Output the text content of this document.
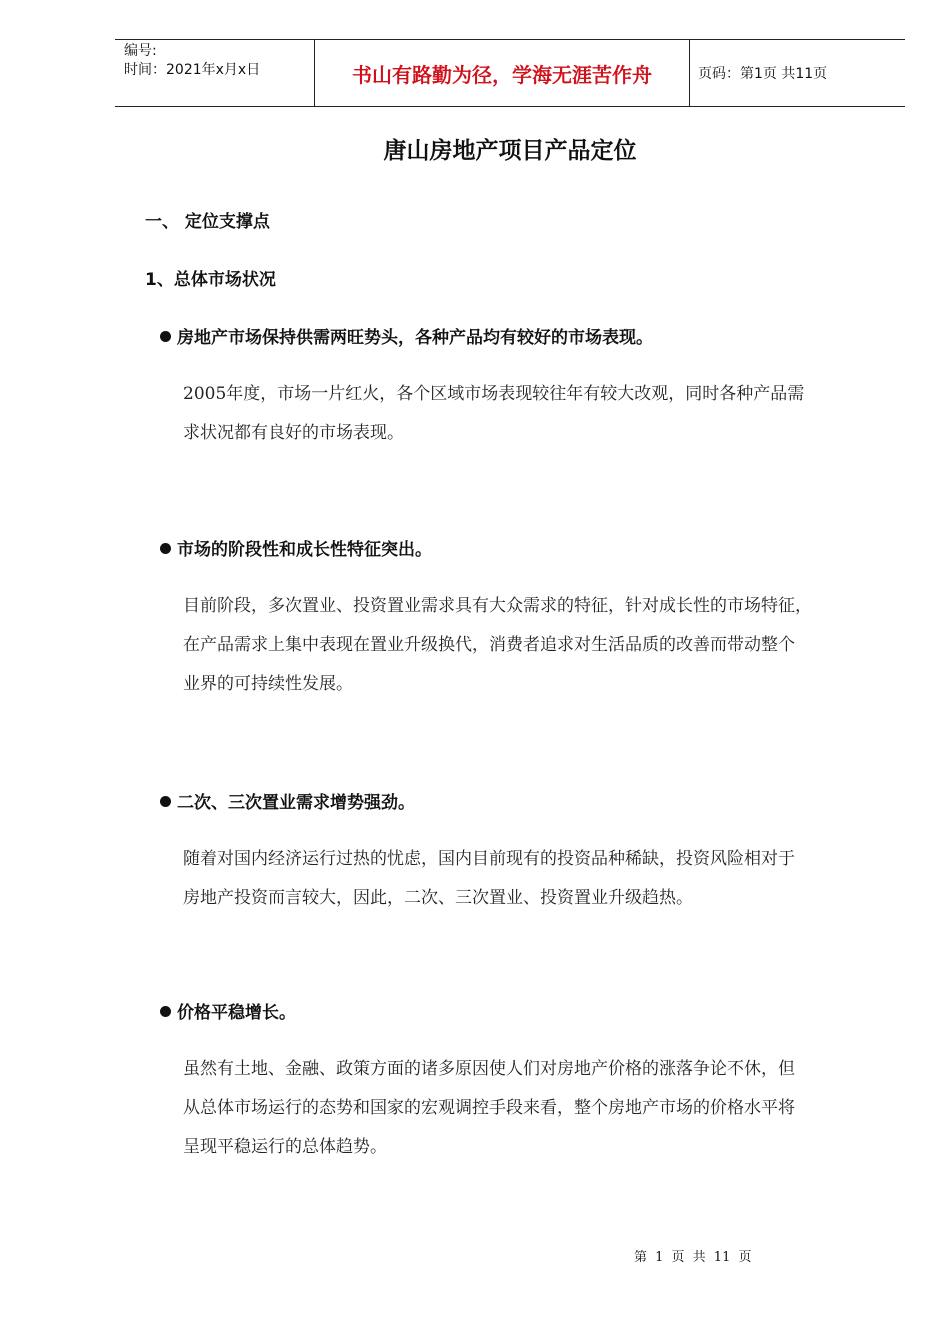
编号:
时间：2021年x月x日	书山有路勤为径，学海无涯苦作舟	页码：第1页 共11页
唐山房地产项目产品定位
一、 定位支撑点
1、总体市场状况
房地产市场保持供需两旺势头，各种产品均有较好的市场表现。
2005年度，市场一片红火，各个区域市场表现较往年有较大改观，同时各种产品需
求状况都有良好的市场表现。
市场的阶段性和成长性特征突出。
目前阶段，多次置业、投资置业需求具有大众需求的特征，针对成长性的市场特征，
在产品需求上集中表现在置业升级换代，消费者追求对生活品质的改善而带动整个
业界的可持续性发展。
二次、三次置业需求增势强劲。
随着对国内经济运行过热的忧虑，国内目前现有的投资品种稀缺，投资风险相对于
房地产投资而言较大，因此，二次、三次置业、投资置业升级趋热。
价格平稳增长。
虽然有土地、金融、政策方面的诸多原因使人们对房地产价格的涨落争论不休，但
从总体市场运行的态势和国家的宏观调控手段来看，整个房地产市场的价格水平将
呈现平稳运行的总体趋势。
第 1 页 共 11 页
